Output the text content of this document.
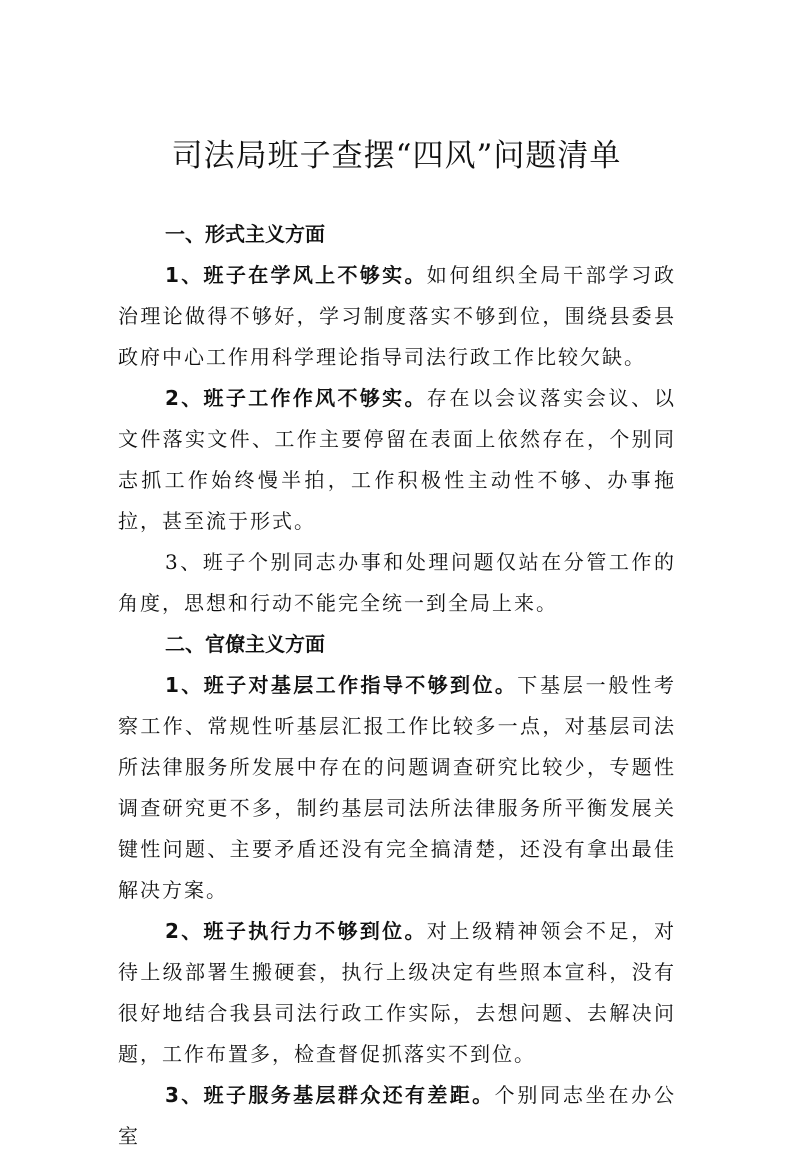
司法局班子查摆“四风”问题清单

一、形式主义方面

1、班子在学风上不够实。如何组织全局干部学习政治理论做得不够好，学习制度落实不够到位，围绕县委县政府中心工作用科学理论指导司法行政工作比较欠缺。

2、班子工作作风不够实。存在以会议落实会议、以文件落实文件、工作主要停留在表面上依然存在，个别同志抓工作始终慢半拍，工作积极性主动性不够、办事拖拉，甚至流于形式。

3、班子个别同志办事和处理问题仅站在分管工作的角度，思想和行动不能完全统一到全局上来。

二、官僚主义方面

1、班子对基层工作指导不够到位。下基层一般性考察工作、常规性听基层汇报工作比较多一点，对基层司法所法律服务所发展中存在的问题调查研究比较少，专题性调查研究更不多，制约基层司法所法律服务所平衡发展关键性问题、主要矛盾还没有完全搞清楚，还没有拿出最佳解决方案。

2、班子执行力不够到位。对上级精神领会不足，对待上级部署生搬硬套，执行上级决定有些照本宣科，没有很好地结合我县司法行政工作实际，去想问题、去解决问题，工作布置多，检查督促抓落实不到位。

3、班子服务基层群众还有差距。个别同志坐在办公室
